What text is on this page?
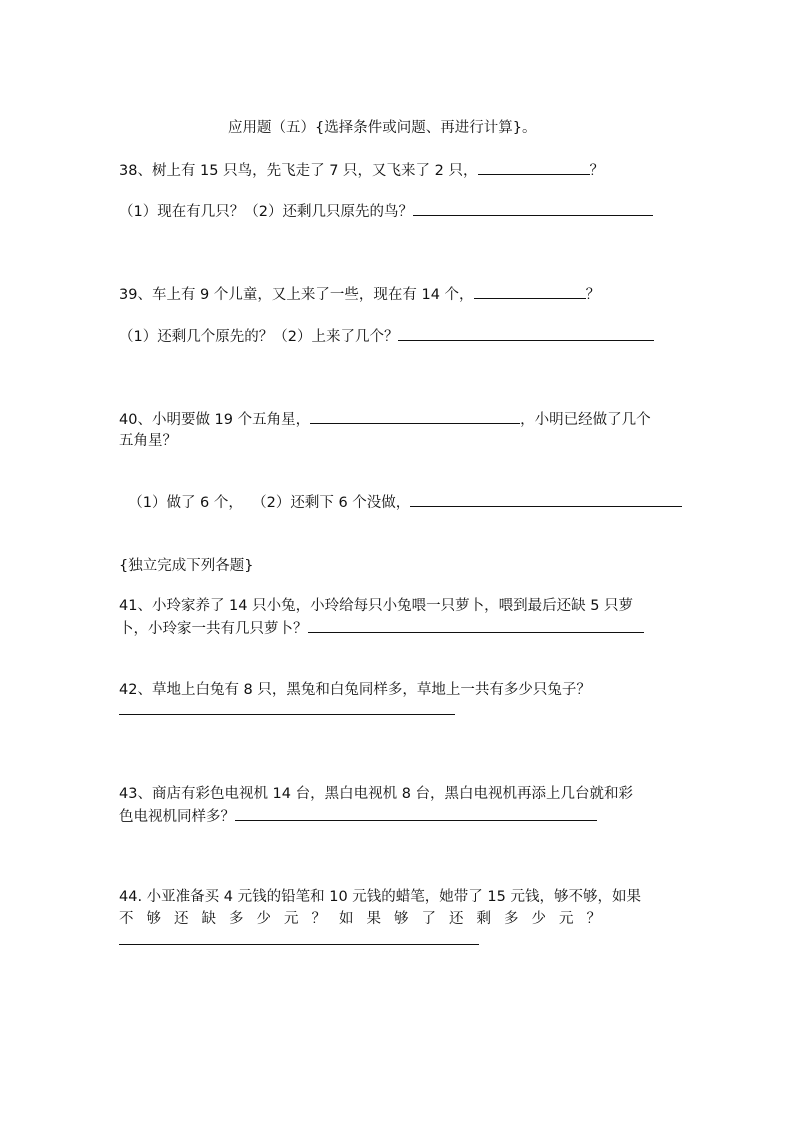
应用题（五）{选择条件或问题、再进行计算}。
38、树上有 15 只鸟，先飞走了 7 只，又飞来了 2 只，	？
（1）现在有几只？（2）还剩几只原先的鸟？
39、车上有 9 个儿童，又上来了一些，现在有 14 个，	？
（1）还剩几个原先的？（2）上来了几个？
40、小明要做 19 个五角星，	，小明已经做了几个
五角星？

（1）做了 6 个，  （2）还剩下 6 个没做，

{独立完成下列各题}
41、小玲家养了 14 只小兔，小玲给每只小兔喂一只萝卜，喂到最后还缺 5 只萝
卜，小玲家一共有几只萝卜？
42、草地上白兔有 8 只，黑兔和白兔同样多，草地上一共有多少只兔子？
43、商店有彩色电视机 14 台，黑白电视机 8 台，黑白电视机再添上几台就和彩
色电视机同样多？
44. 小亚准备买 4 元钱的铅笔和 10 元钱的蜡笔，她带了 15 元钱，够不够，如果
不够还缺多少元？如果够了还剩多少元？
